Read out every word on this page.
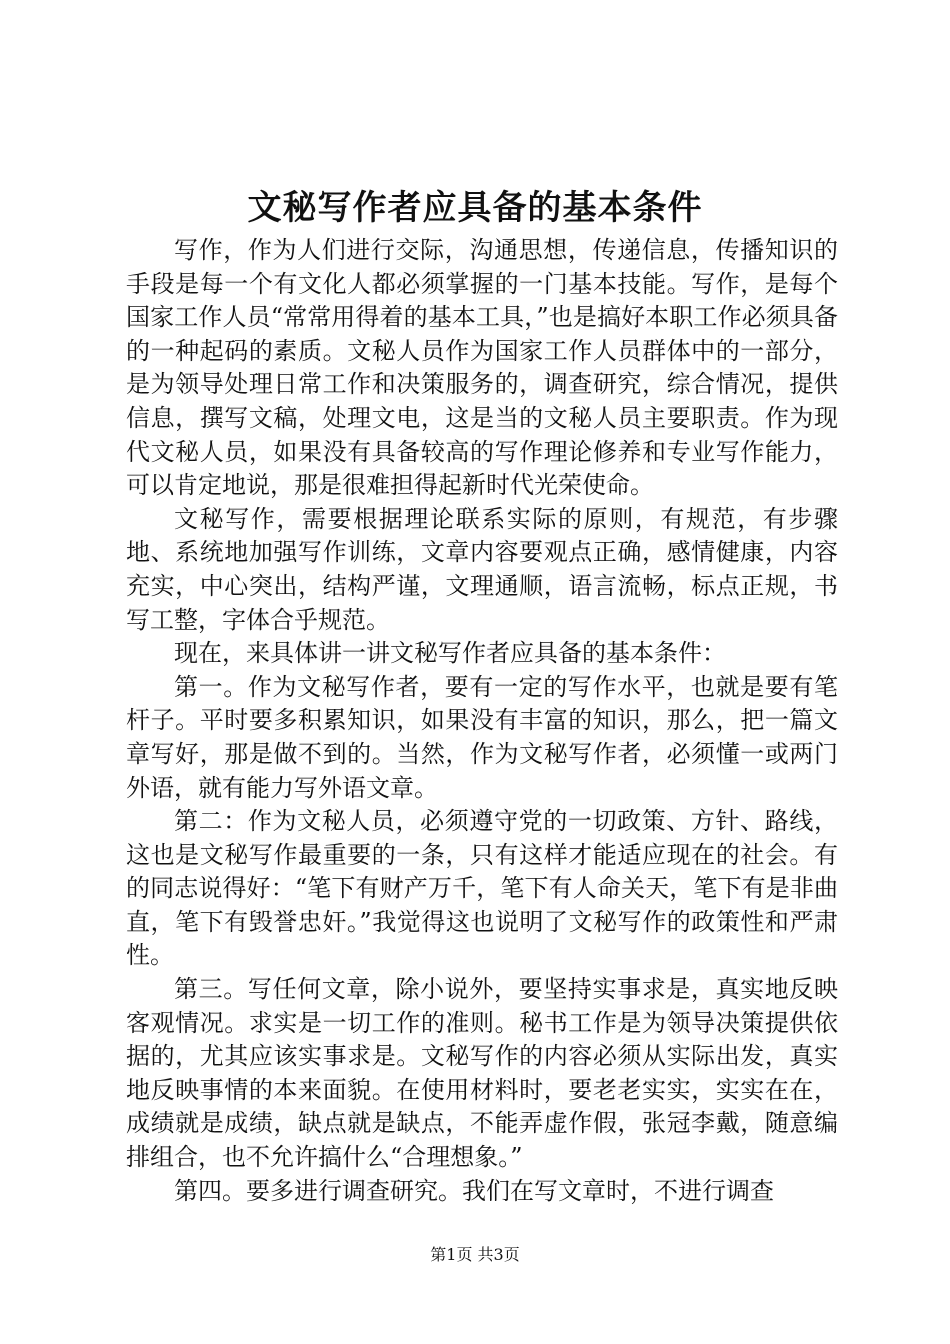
文秘写作者应具备的基本条件

写作，作为人们进行交际，沟通思想，传递信息，传播知识的手段是每一个有文化人都必须掌握的一门基本技能。写作，是每个国家工作人员“常常用得着的基本工具，”也是搞好本职工作必须具备的一种起码的素质。文秘人员作为国家工作人员群体中的一部分，是为领导处理日常工作和决策服务的，调查研究，综合情况，提供信息，撰写文稿，处理文电，这是当的文秘人员主要职责。作为现代文秘人员，如果没有具备较高的写作理论修养和专业写作能力，可以肯定地说，那是很难担得起新时代光荣使命。

文秘写作，需要根据理论联系实际的原则，有规范，有步骤地、系统地加强写作训练，文章内容要观点正确，感情健康，内容充实，中心突出，结构严谨，文理通顺，语言流畅，标点正规，书写工整，字体合乎规范。

现在，来具体讲一讲文秘写作者应具备的基本条件：

第一。作为文秘写作者，要有一定的写作水平，也就是要有笔杆子。平时要多积累知识，如果没有丰富的知识，那么，把一篇文章写好，那是做不到的。当然，作为文秘写作者，必须懂一或两门外语，就有能力写外语文章。

第二：作为文秘人员，必须遵守党的一切政策、方针、路线，这也是文秘写作最重要的一条，只有这样才能适应现在的社会。有的同志说得好：“笔下有财产万千，笔下有人命关天，笔下有是非曲直，笔下有毁誉忠奸。”我觉得这也说明了文秘写作的政策性和严肃性。

第三。写任何文章，除小说外，要坚持实事求是，真实地反映客观情况。求实是一切工作的准则。秘书工作是为领导决策提供依据的，尤其应该实事求是。文秘写作的内容必须从实际出发，真实地反映事情的本来面貌。在使用材料时，要老老实实，实实在在，成绩就是成绩，缺点就是缺点，不能弄虚作假，张冠李戴，随意编排组合，也不允许搞什么“合理想象。”

第四。要多进行调查研究。我们在写文章时，不进行调查

第1页 共3页
